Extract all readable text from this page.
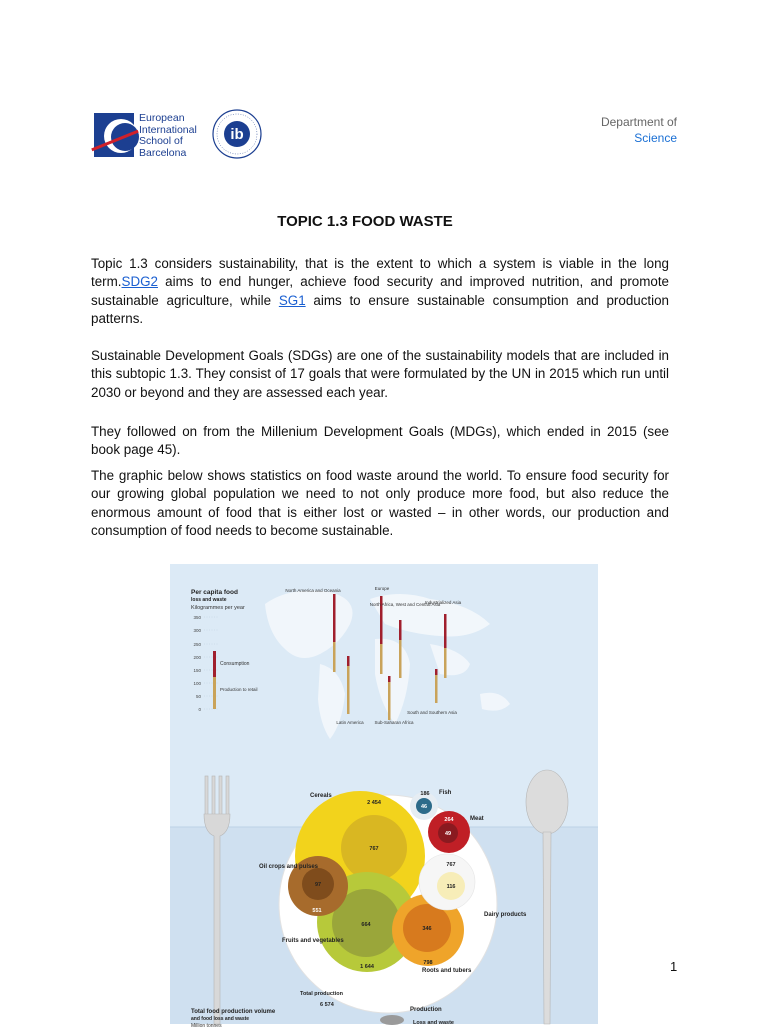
European
International
School of
Barcelona
ib
Department of
Science
TOPIC 1.3 FOOD WASTE

Topic 1.3 considers sustainability, that is the extent to which a system is viable in the long term.SDG2 aims to end hunger, achieve food security and improved nutrition, and promote sustainable agriculture, while SG1 aims to ensure sustainable consumption and production patterns.

Sustainable Development Goals (SDGs) are one of the sustainability models that are included in this subtopic 1.3. They consist of 17 goals that were formulated by the UN in 2015 which run until 2030 or beyond and they are assessed each year.

They followed on from the Millenium Development Goals (MDGs), which ended in 2015 (see book page 45).

The graphic below shows statistics on food waste around the world. To ensure food security for our growing global population we need to not only produce more food, but also reduce the enormous amount of food that is either lost or wasted – in other words, our production and consumption of food needs to become sustainable.

Per capita food
loss and waste
Kilogrammes per year
350
300
250
200
150
100
50
0
Consumption
Production to retail
North America and Oceania	Europe
North Africa, West and Central Asia
Industrialized Asia
Latin America Sub-Saharan Africa
South and Southern Asia
2 454
767
186
46
264
49
551
97
767
116
1 644
664
798
346
Cereals	Fish
Meat
Oil crops and pulses
Dairy products
Fruits and vegetables
Roots and tubers
Total production
6 574
Production
Loss and waste
Total food production volume
and food loss and waste
Million tonnes
1
